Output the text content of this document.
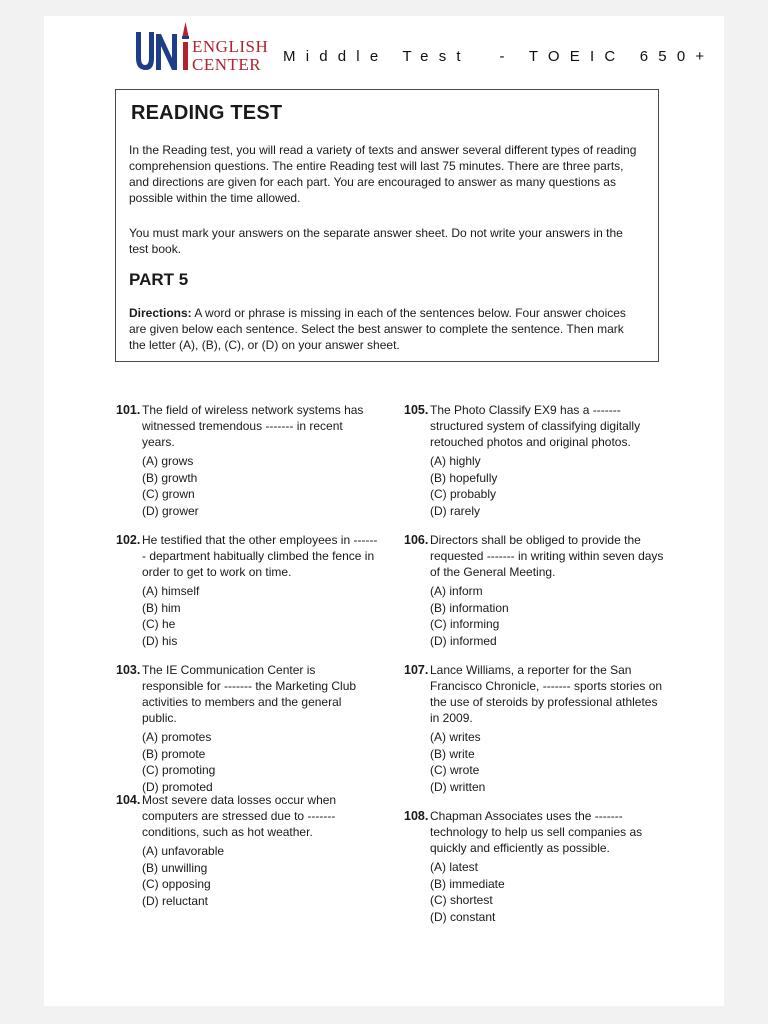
ENGLISH
CENTER	Middle Test  - TOEIC 650+
READING TEST
In the Reading test, you will read a variety of texts and answer several different types of reading comprehension questions. The entire Reading test will last 75 minutes. There are three parts, and directions are given for each part. You are encouraged to answer as many questions as possible within the time allowed.
You must mark your answers on the separate answer sheet. Do not write your answers in the test book.
PART 5
Directions: A word or phrase is missing in each of the sentences below. Four answer choices are given below each sentence. Select the best answer to complete the sentence. Then mark the letter (A), (B), (C), or (D) on your answer sheet.
101. The field of wireless network systems has witnessed tremendous ------- in recent years.
(A) grows
(B) growth
(C) grown
(D) grower
102. He testified that the other employees in ------- department habitually climbed the fence in order to get to work on time.
(A) himself
(B) him
(C) he
(D) his
103. The IE Communication Center is responsible for ------- the Marketing Club activities to members and the general public.
(A) promotes
(B) promote
(C) promoting
(D) promoted
104. Most severe data losses occur when computers are stressed due to ------- conditions, such as hot weather.
(A) unfavorable
(B) unwilling
(C) opposing
(D) reluctant
105. The Photo Classify EX9 has a ------- structured system of classifying digitally retouched photos and original photos.
(A) highly
(B) hopefully
(C) probably
(D) rarely
106. Directors shall be obliged to provide the requested ------- in writing within seven days of the General Meeting.
(A) inform
(B) information
(C) informing
(D) informed
107. Lance Williams, a reporter for the San Francisco Chronicle, ------- sports stories on the use of steroids by professional athletes in 2009.
(A) writes
(B) write
(C) wrote
(D) written
108. Chapman Associates uses the ------- technology to help us sell companies as quickly and efficiently as possible.
(A) latest
(B) immediate
(C) shortest
(D) constant
